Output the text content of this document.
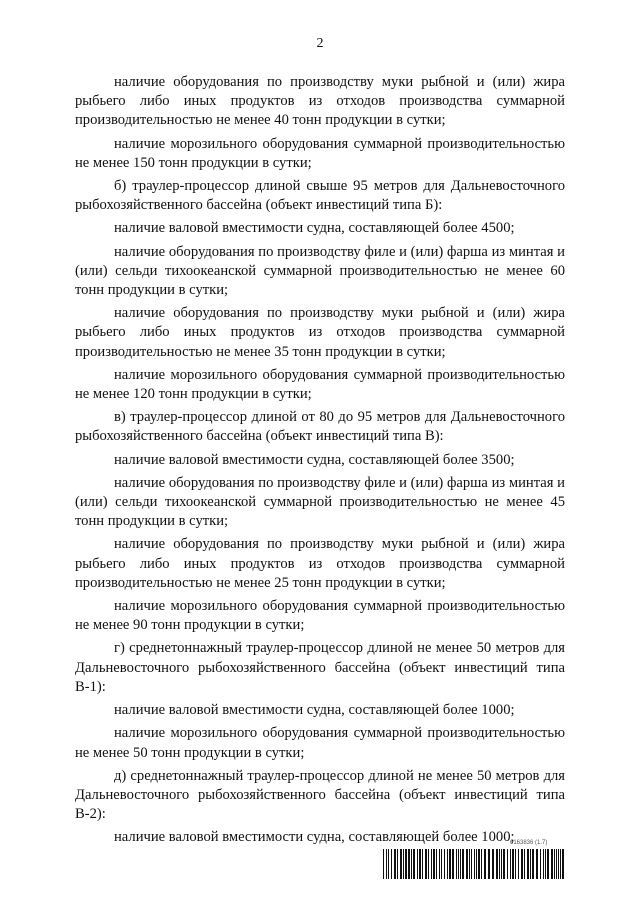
2

наличие оборудования по производству муки рыбной и (или) жира рыбьего либо иных продуктов из отходов производства суммарной производительностью не менее 40 тонн продукции в сутки;

наличие морозильного оборудования суммарной производительностью не менее 150 тонн продукции в сутки;

б) траулер-процессор длиной свыше 95 метров для Дальневосточного рыбохозяйственного бассейна (объект инвестиций типа Б):

наличие валовой вместимости судна, составляющей более 4500;

наличие оборудования по производству филе и (или) фарша из минтая и (или) сельди тихоокеанской суммарной производительностью не менее 60 тонн продукции в сутки;

наличие оборудования по производству муки рыбной и (или) жира рыбьего либо иных продуктов из отходов производства суммарной производительностью не менее 35 тонн продукции в сутки;

наличие морозильного оборудования суммарной производительностью не менее 120 тонн продукции в сутки;

в) траулер-процессор длиной от 80 до 95 метров для Дальневосточного рыбохозяйственного бассейна (объект инвестиций типа В):

наличие валовой вместимости судна, составляющей более 3500;

наличие оборудования по производству филе и (или) фарша из минтая и (или) сельди тихоокеанской суммарной производительностью не менее 45 тонн продукции в сутки;

наличие оборудования по производству муки рыбной и (или) жира рыбьего либо иных продуктов из отходов производства суммарной производительностью не менее 25 тонн продукции в сутки;

наличие морозильного оборудования суммарной производительностью не менее 90 тонн продукции в сутки;

г) среднетоннажный траулер-процессор длиной не менее 50 метров для Дальневосточного рыбохозяйственного бассейна (объект инвестиций типа В-1):

наличие валовой вместимости судна, составляющей более 1000;

наличие морозильного оборудования суммарной производительностью не менее 50 тонн продукции в сутки;

д) среднетоннажный траулер-процессор длиной не менее 50 метров для Дальневосточного рыбохозяйственного бассейна (объект инвестиций типа В-2):

наличие валовой вместимости судна, составляющей более 1000;

6163836 (1.7)
